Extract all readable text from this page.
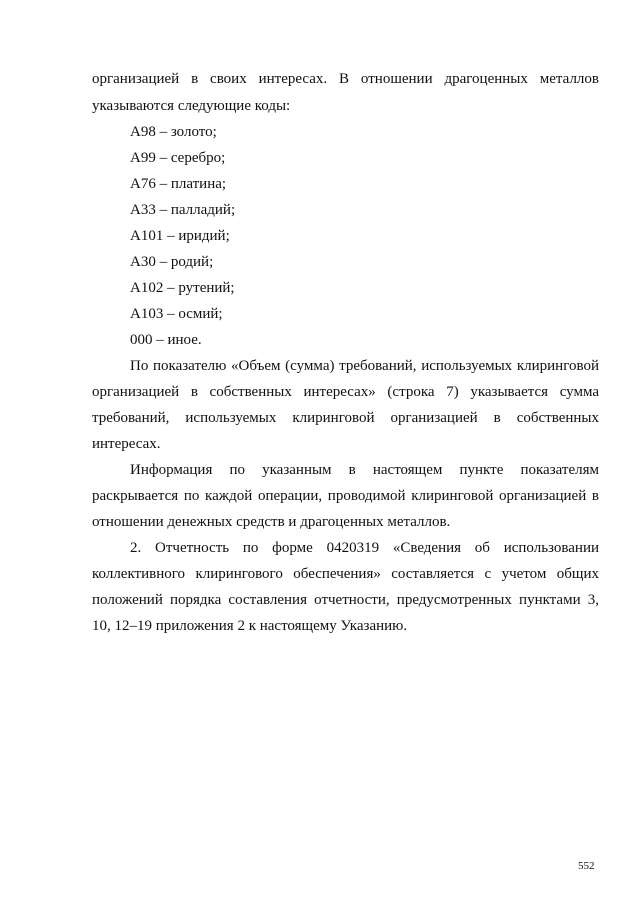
организацией в своих интересах. В отношении драгоценных металлов
указываются следующие коды:
А98 – золото;
А99 – серебро;
А76 – платина;
А33 – палладий;
А101 – иридий;
А30 – родий;
А102 – рутений;
А103 – осмий;
000 – иное.
По показателю «Объем (сумма) требований, используемых клиринговой
организацией в собственных интересах» (строка 7) указывается сумма
требований, используемых клиринговой организацией в собственных
интересах.
Информация по указанным в настоящем пункте показателям
раскрывается по каждой операции, проводимой клиринговой организацией в
отношении денежных средств и драгоценных металлов.
2. Отчетность по форме 0420319 «Сведения об использовании
коллективного клирингового обеспечения» составляется с учетом общих
положений порядка составления отчетности, предусмотренных пунктами 3,
10, 12–19 приложения 2 к настоящему Указанию.
552
